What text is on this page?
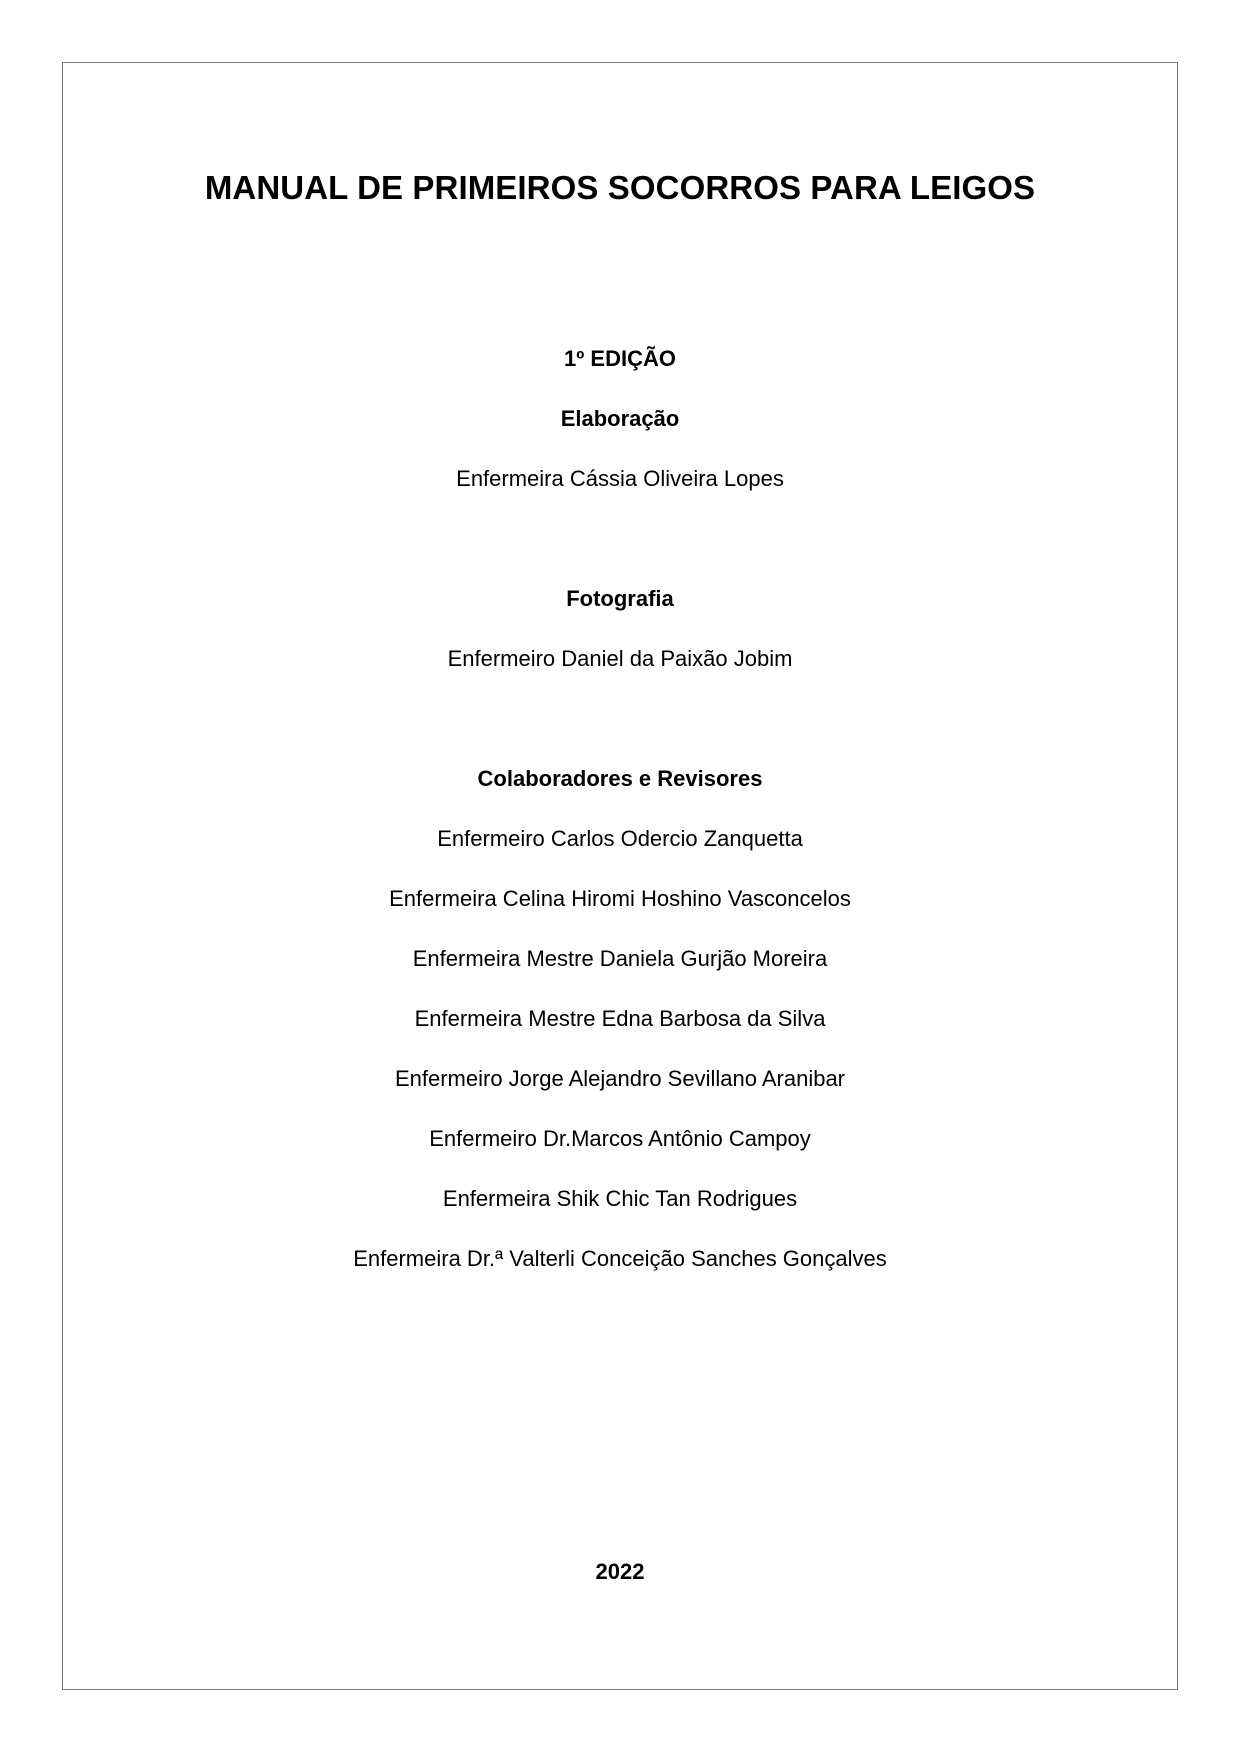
MANUAL DE PRIMEIROS SOCORROS PARA LEIGOS
1º EDIÇÃO
Elaboração
Enfermeira Cássia Oliveira Lopes
Fotografia
Enfermeiro Daniel da Paixão Jobim
Colaboradores e Revisores
Enfermeiro Carlos Odercio Zanquetta
Enfermeira Celina Hiromi Hoshino Vasconcelos
Enfermeira Mestre Daniela Gurjão Moreira
Enfermeira Mestre Edna Barbosa da Silva
Enfermeiro Jorge Alejandro Sevillano Aranibar
Enfermeiro Dr.Marcos Antônio Campoy
Enfermeira Shik Chic Tan Rodrigues
Enfermeira Dr.ª Valterli Conceição Sanches Gonçalves
2022
